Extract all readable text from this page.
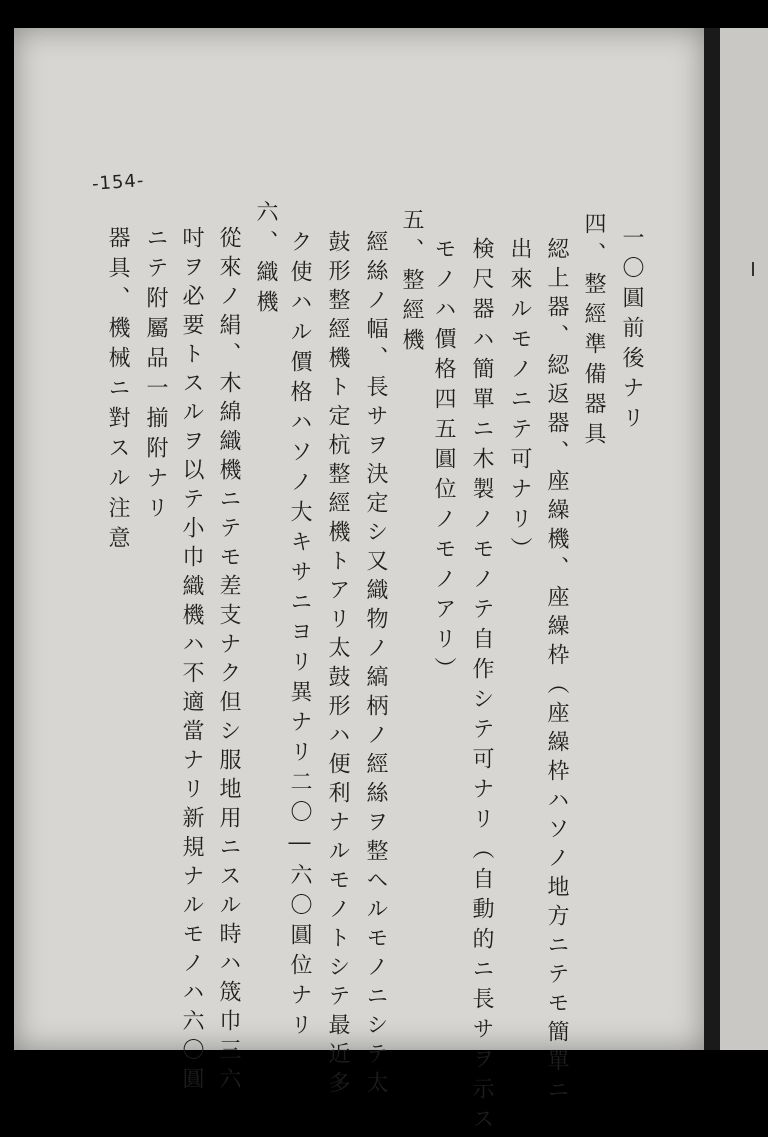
-154-
一〇圓前後ナリ
四、整經準備器具
綛上器、綛返器、座繰機、座繰枠（座繰枠ハソノ地方ニテモ簡單ニ
出來ルモノニテ可ナリ）
検尺器ハ簡單ニ木製ノモノテ自作シテ可ナリ（自動的ニ長サヲ示ス
モノハ價格四五圓位ノモノアリ）
五、整經機
經絲ノ幅、長サヲ決定シ又織物ノ縞柄ノ經絲ヲ整ヘルモノニシテ太
鼓形整經機ト定杭整經機トアリ太鼓形ハ便利ナルモノトシテ最近多
ク使ハル價格ハソノ大キサニヨリ異ナリ二〇―六〇圓位ナリ
六、織機
從來ノ絹、木綿織機ニテモ差支ナク但シ服地用ニスル時ハ筬巾三六
吋ヲ必要トスルヲ以テ小巾織機ハ不適當ナリ新規ナルモノハ六〇圓
ニテ附屬品一揃附ナリ
器具、機械ニ對スル注意
